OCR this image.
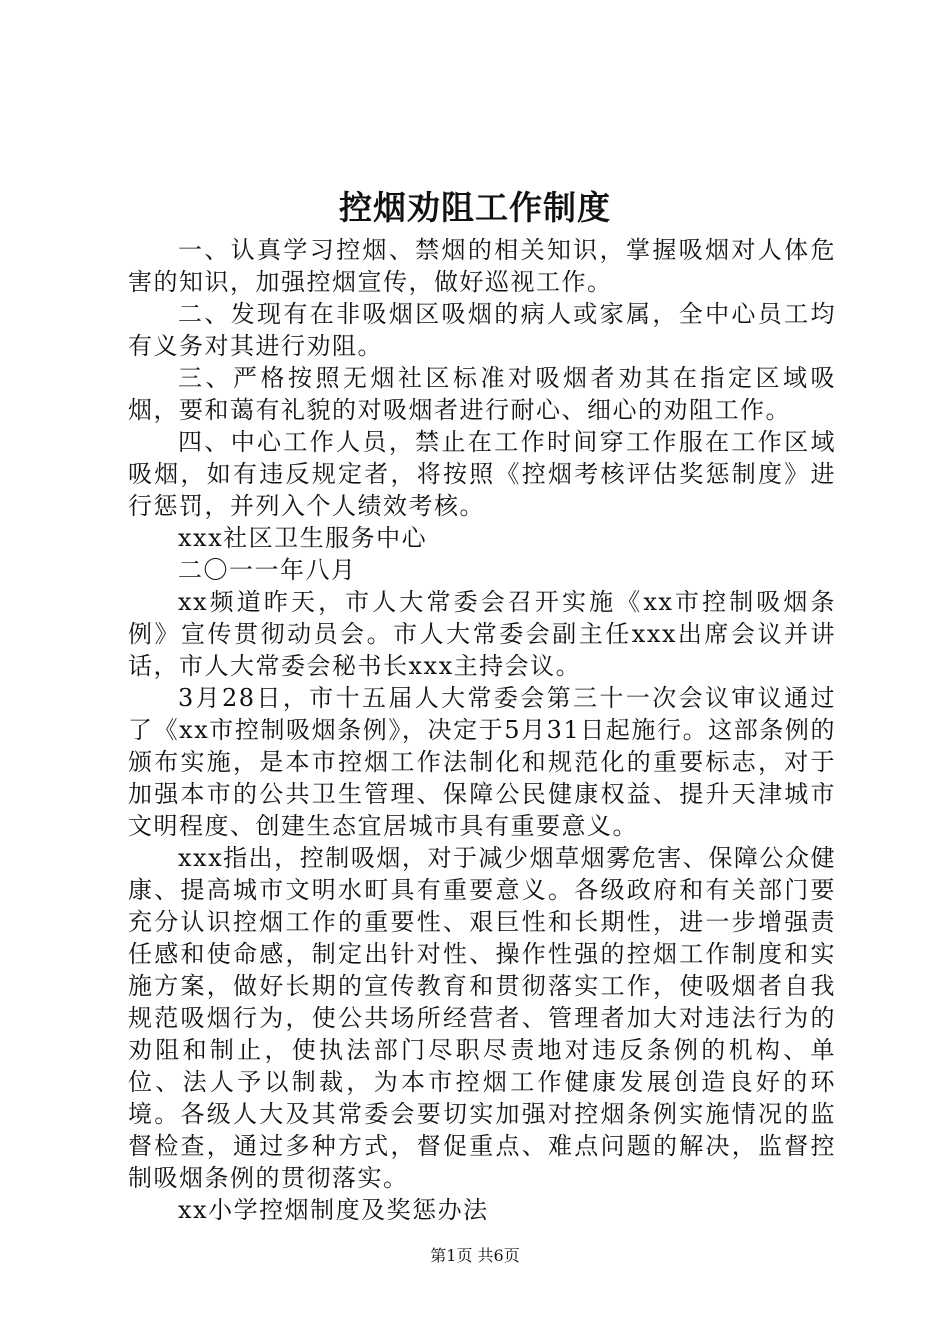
控烟劝阻工作制度

一、认真学习控烟、禁烟的相关知识，掌握吸烟对人体危害的知识，加强控烟宣传，做好巡视工作。

二、发现有在非吸烟区吸烟的病人或家属，全中心员工均有义务对其进行劝阻。

三、严格按照无烟社区标准对吸烟者劝其在指定区域吸烟，要和蔼有礼貌的对吸烟者进行耐心、细心的劝阻工作。

四、中心工作人员，禁止在工作时间穿工作服在工作区域吸烟，如有违反规定者，将按照《控烟考核评估奖惩制度》进行惩罚，并列入个人绩效考核。

xxx社区卫生服务中心

二〇一一年八月

xx频道昨天，市人大常委会召开实施《xx市控制吸烟条例》宣传贯彻动员会。市人大常委会副主任xxx出席会议并讲话，市人大常委会秘书长xxx主持会议。

3月28日，市十五届人大常委会第三十一次会议审议通过了《xx市控制吸烟条例》，决定于5月31日起施行。这部条例的颁布实施，是本市控烟工作法制化和规范化的重要标志，对于加强本市的公共卫生管理、保障公民健康权益、提升天津城市文明程度、创建生态宜居城市具有重要意义。

xxx指出，控制吸烟，对于减少烟草烟雾危害、保障公众健康、提高城市文明水町具有重要意义。各级政府和有关部门要充分认识控烟工作的重要性、艰巨性和长期性，进一步增强责任感和使命感，制定出针对性、操作性强的控烟工作制度和实施方案，做好长期的宣传教育和贯彻落实工作，使吸烟者自我规范吸烟行为，使公共场所经营者、管理者加大对违法行为的劝阻和制止，使执法部门尽职尽责地对违反条例的机构、单位、法人予以制裁，为本市控烟工作健康发展创造良好的环境。各级人大及其常委会要切实加强对控烟条例实施情况的监督检查，通过多种方式，督促重点、难点问题的解决，监督控制吸烟条例的贯彻落实。

xx小学控烟制度及奖惩办法

第1页 共6页
